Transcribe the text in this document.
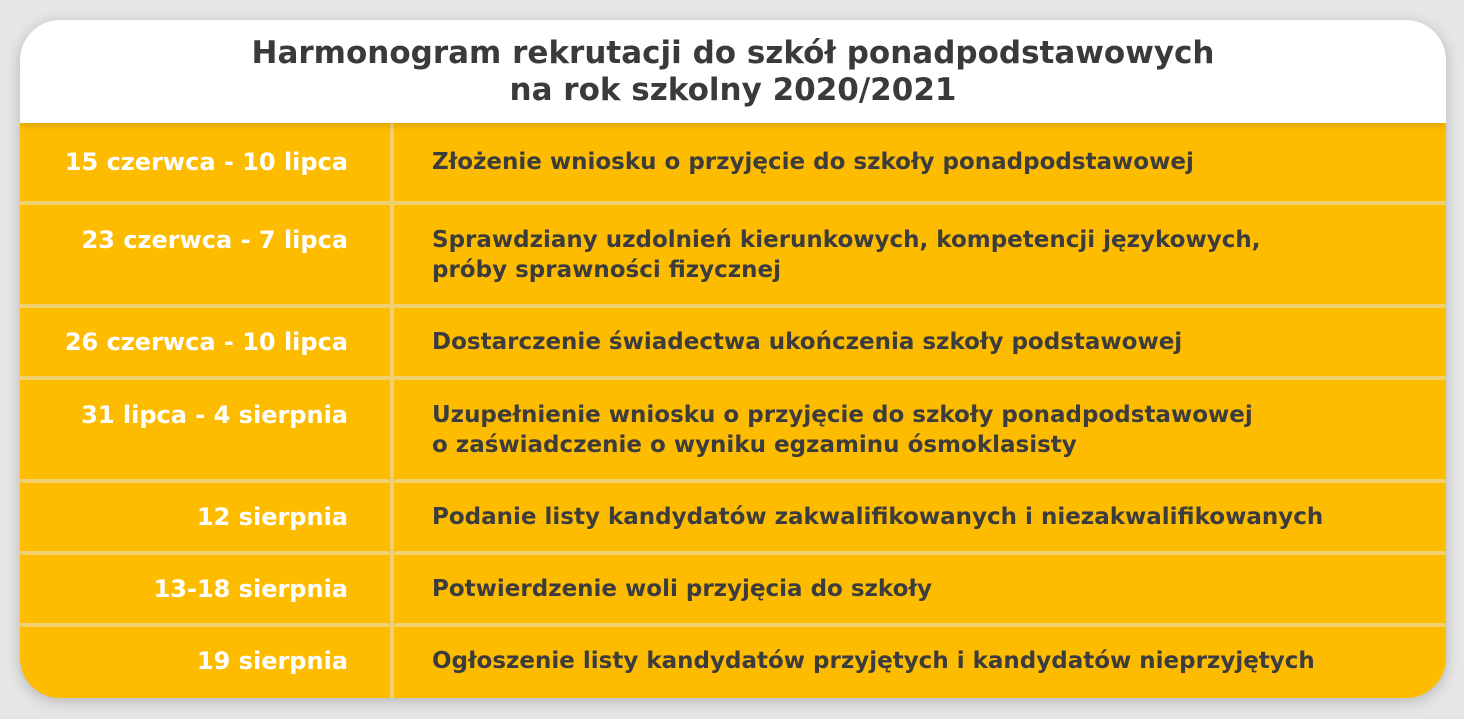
Harmonogram rekrutacji do szkół ponadpodstawowych
na rok szkolny 2020/2021
15 czerwca - 10 lipca	Złożenie wniosku o przyjęcie do szkoły ponadpodstawowej
23 czerwca - 7 lipca	Sprawdziany uzdolnień kierunkowych, kompetencji językowych,
próby sprawności fizycznej
26 czerwca - 10 lipca	Dostarczenie świadectwa ukończenia szkoły podstawowej
31 lipca - 4 sierpnia	Uzupełnienie wniosku o przyjęcie do szkoły ponadpodstawowej
o zaświadczenie o wyniku egzaminu ósmoklasisty
12 sierpnia	Podanie listy kandydatów zakwalifikowanych i niezakwalifikowanych
13-18 sierpnia	Potwierdzenie woli przyjęcia do szkoły
19 sierpnia	Ogłoszenie listy kandydatów przyjętych i kandydatów nieprzyjętych
